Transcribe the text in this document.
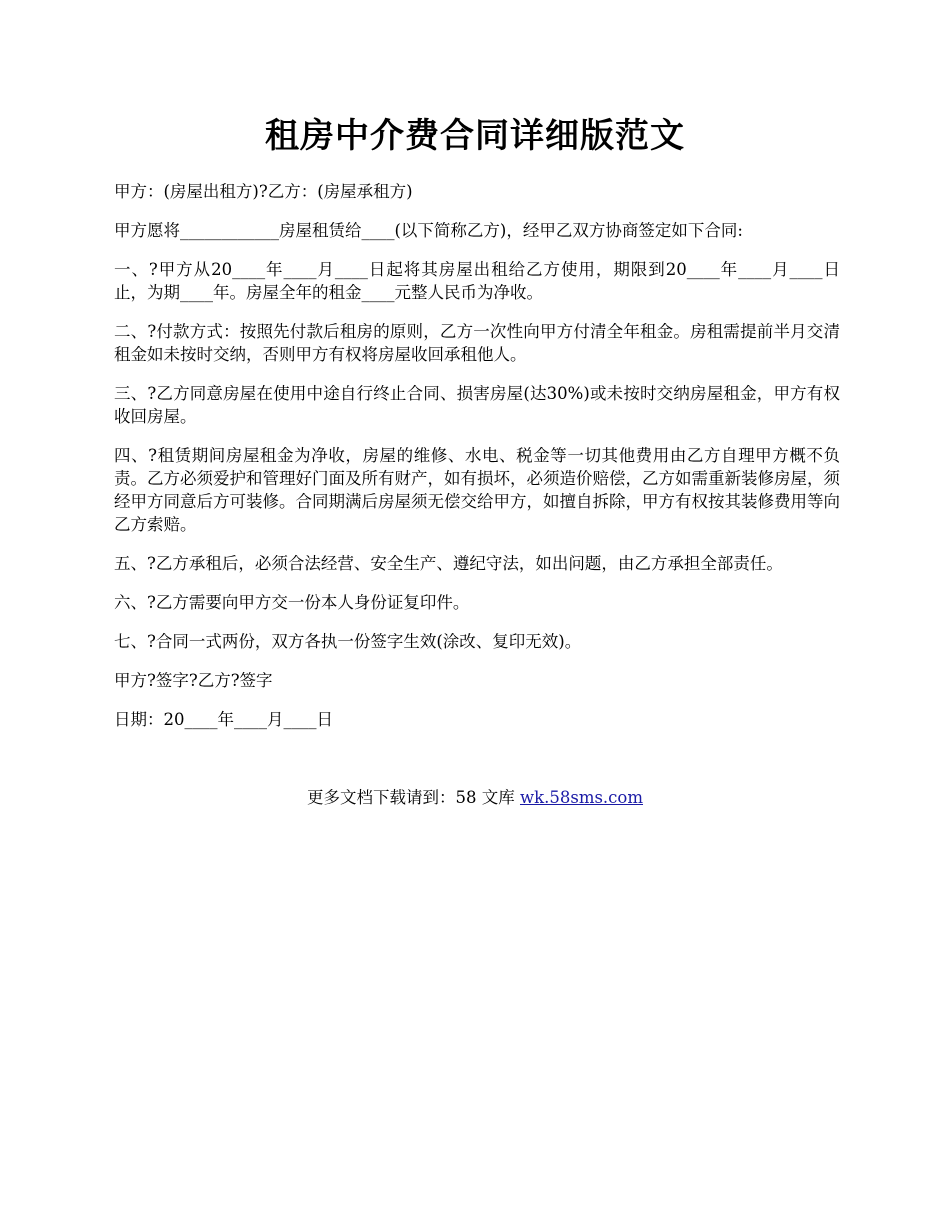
租房中介费合同详细版范文

甲方：(房屋出租方)?乙方：(房屋承租方)

甲方愿将____________房屋租赁给____(以下简称乙方)，经甲乙双方协商签定如下合同:

一、?甲方从20____年____月____日起将其房屋出租给乙方使用，期限到20____年____月____日止，为期____年。房屋全年的租金____元整人民币为净收。

二、?付款方式：按照先付款后租房的原则，乙方一次性向甲方付清全年租金。房租需提前半月交清租金如未按时交纳，否则甲方有权将房屋收回承租他人。

三、?乙方同意房屋在使用中途自行终止合同、损害房屋(达30%)或未按时交纳房屋租金，甲方有权收回房屋。

四、?租赁期间房屋租金为净收，房屋的维修、水电、税金等一切其他费用由乙方自理甲方概不负责。乙方必须爱护和管理好门面及所有财产，如有损坏，必须造价赔偿，乙方如需重新装修房屋，须经甲方同意后方可装修。合同期满后房屋须无偿交给甲方，如擅自拆除，甲方有权按其装修费用等向乙方索赔。

五、?乙方承租后，必须合法经营、安全生产、遵纪守法，如出问题，由乙方承担全部责任。

六、?乙方需要向甲方交一份本人身份证复印件。

七、?合同一式两份，双方各执一份签字生效(涂改、复印无效)。

甲方?签字?乙方?签字

日期：20____年____月____日

更多文档下载请到：58 文库 wk.58sms.com
